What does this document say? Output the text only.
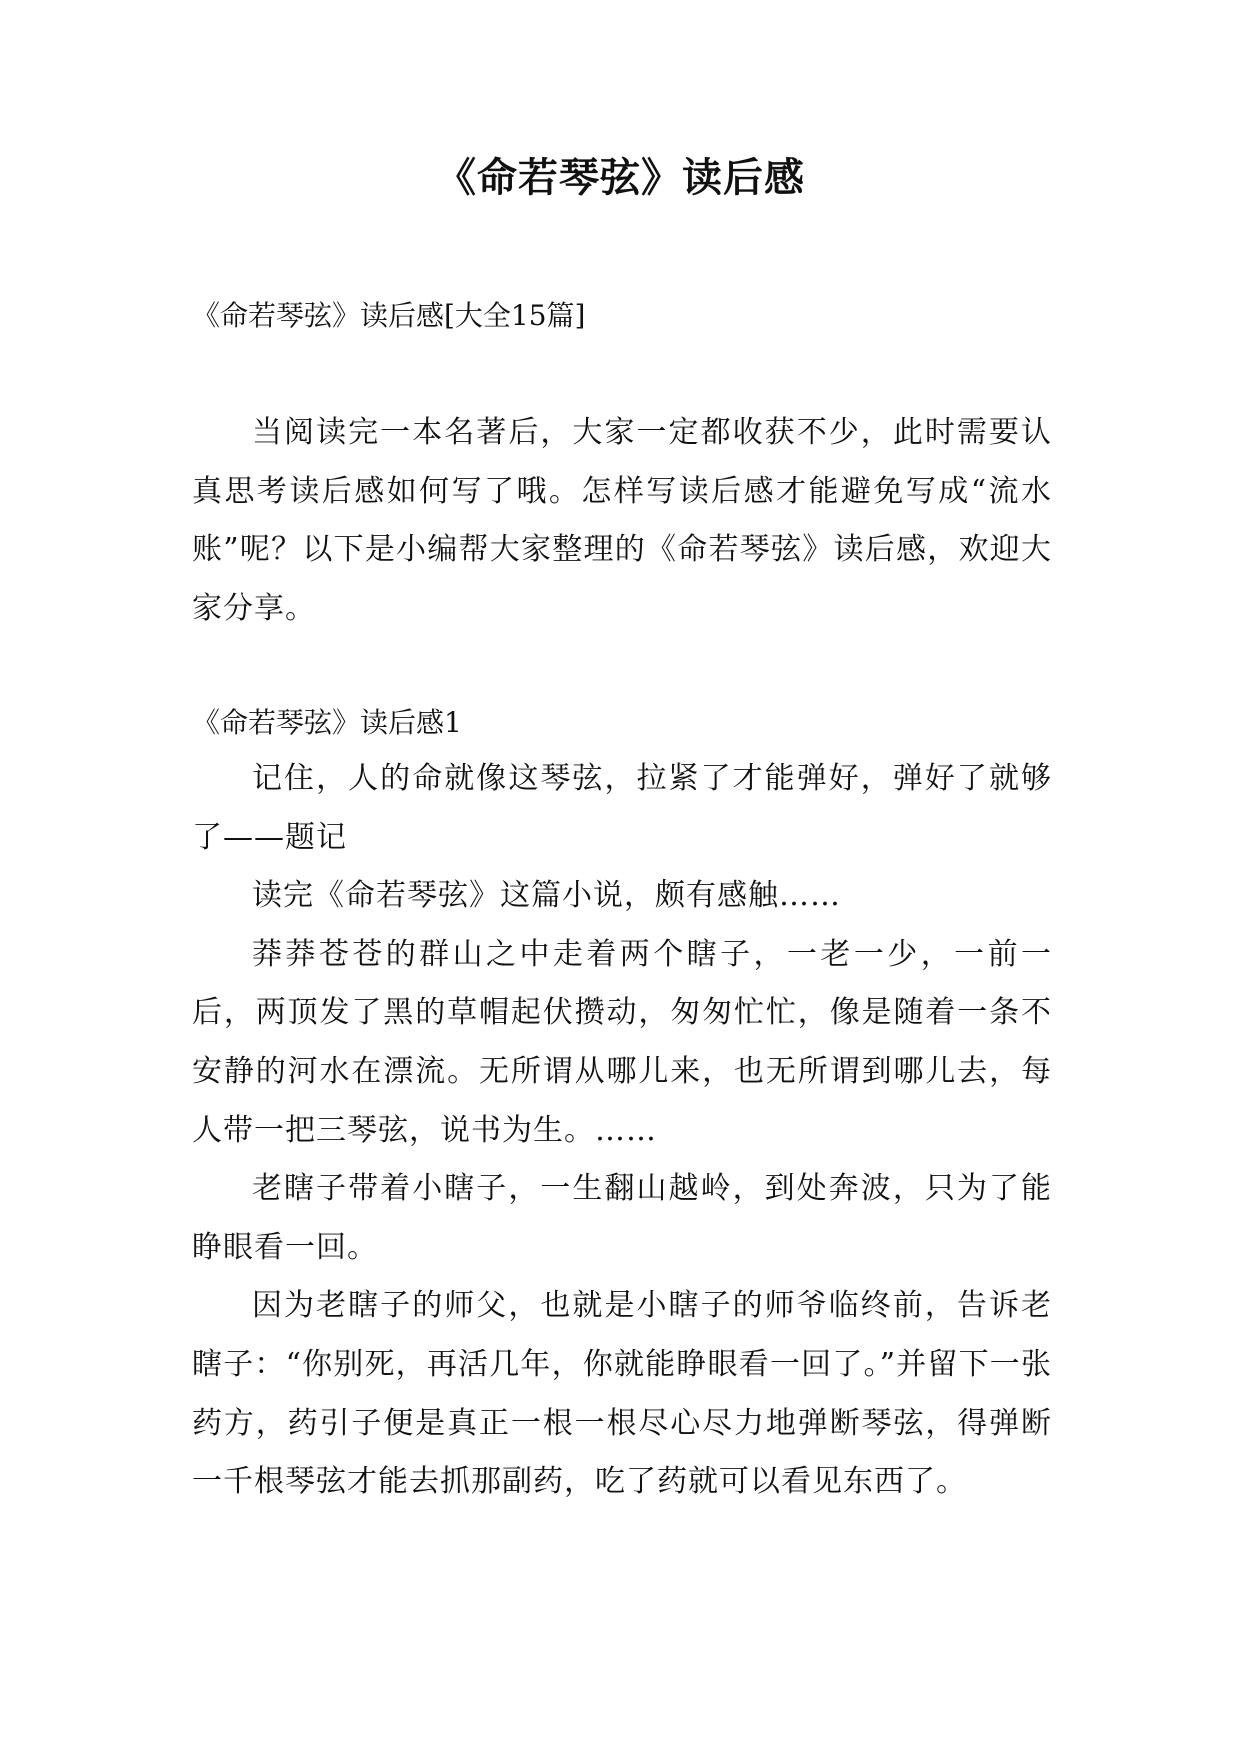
《命若琴弦》读后感

《命若琴弦》读后感[大全15篇]

当阅读完一本名著后，大家一定都收获不少，此时需要认真思考读后感如何写了哦。怎样写读后感才能避免写成“流水账”呢？以下是小编帮大家整理的《命若琴弦》读后感，欢迎大家分享。

《命若琴弦》读后感1

记住，人的命就像这琴弦，拉紧了才能弹好，弹好了就够了——题记

读完《命若琴弦》这篇小说，颇有感触……

莽莽苍苍的群山之中走着两个瞎子，一老一少，一前一后，两顶发了黑的草帽起伏攒动，匆匆忙忙，像是随着一条不安静的河水在漂流。无所谓从哪儿来，也无所谓到哪儿去，每人带一把三琴弦，说书为生。……

老瞎子带着小瞎子，一生翻山越岭，到处奔波，只为了能睁眼看一回。

因为老瞎子的师父，也就是小瞎子的师爷临终前，告诉老瞎子：“你别死，再活几年，你就能睁眼看一回了。”并留下一张药方，药引子便是真正一根一根尽心尽力地弹断琴弦，得弹断一千根琴弦才能去抓那副药，吃了药就可以看见东西了。
